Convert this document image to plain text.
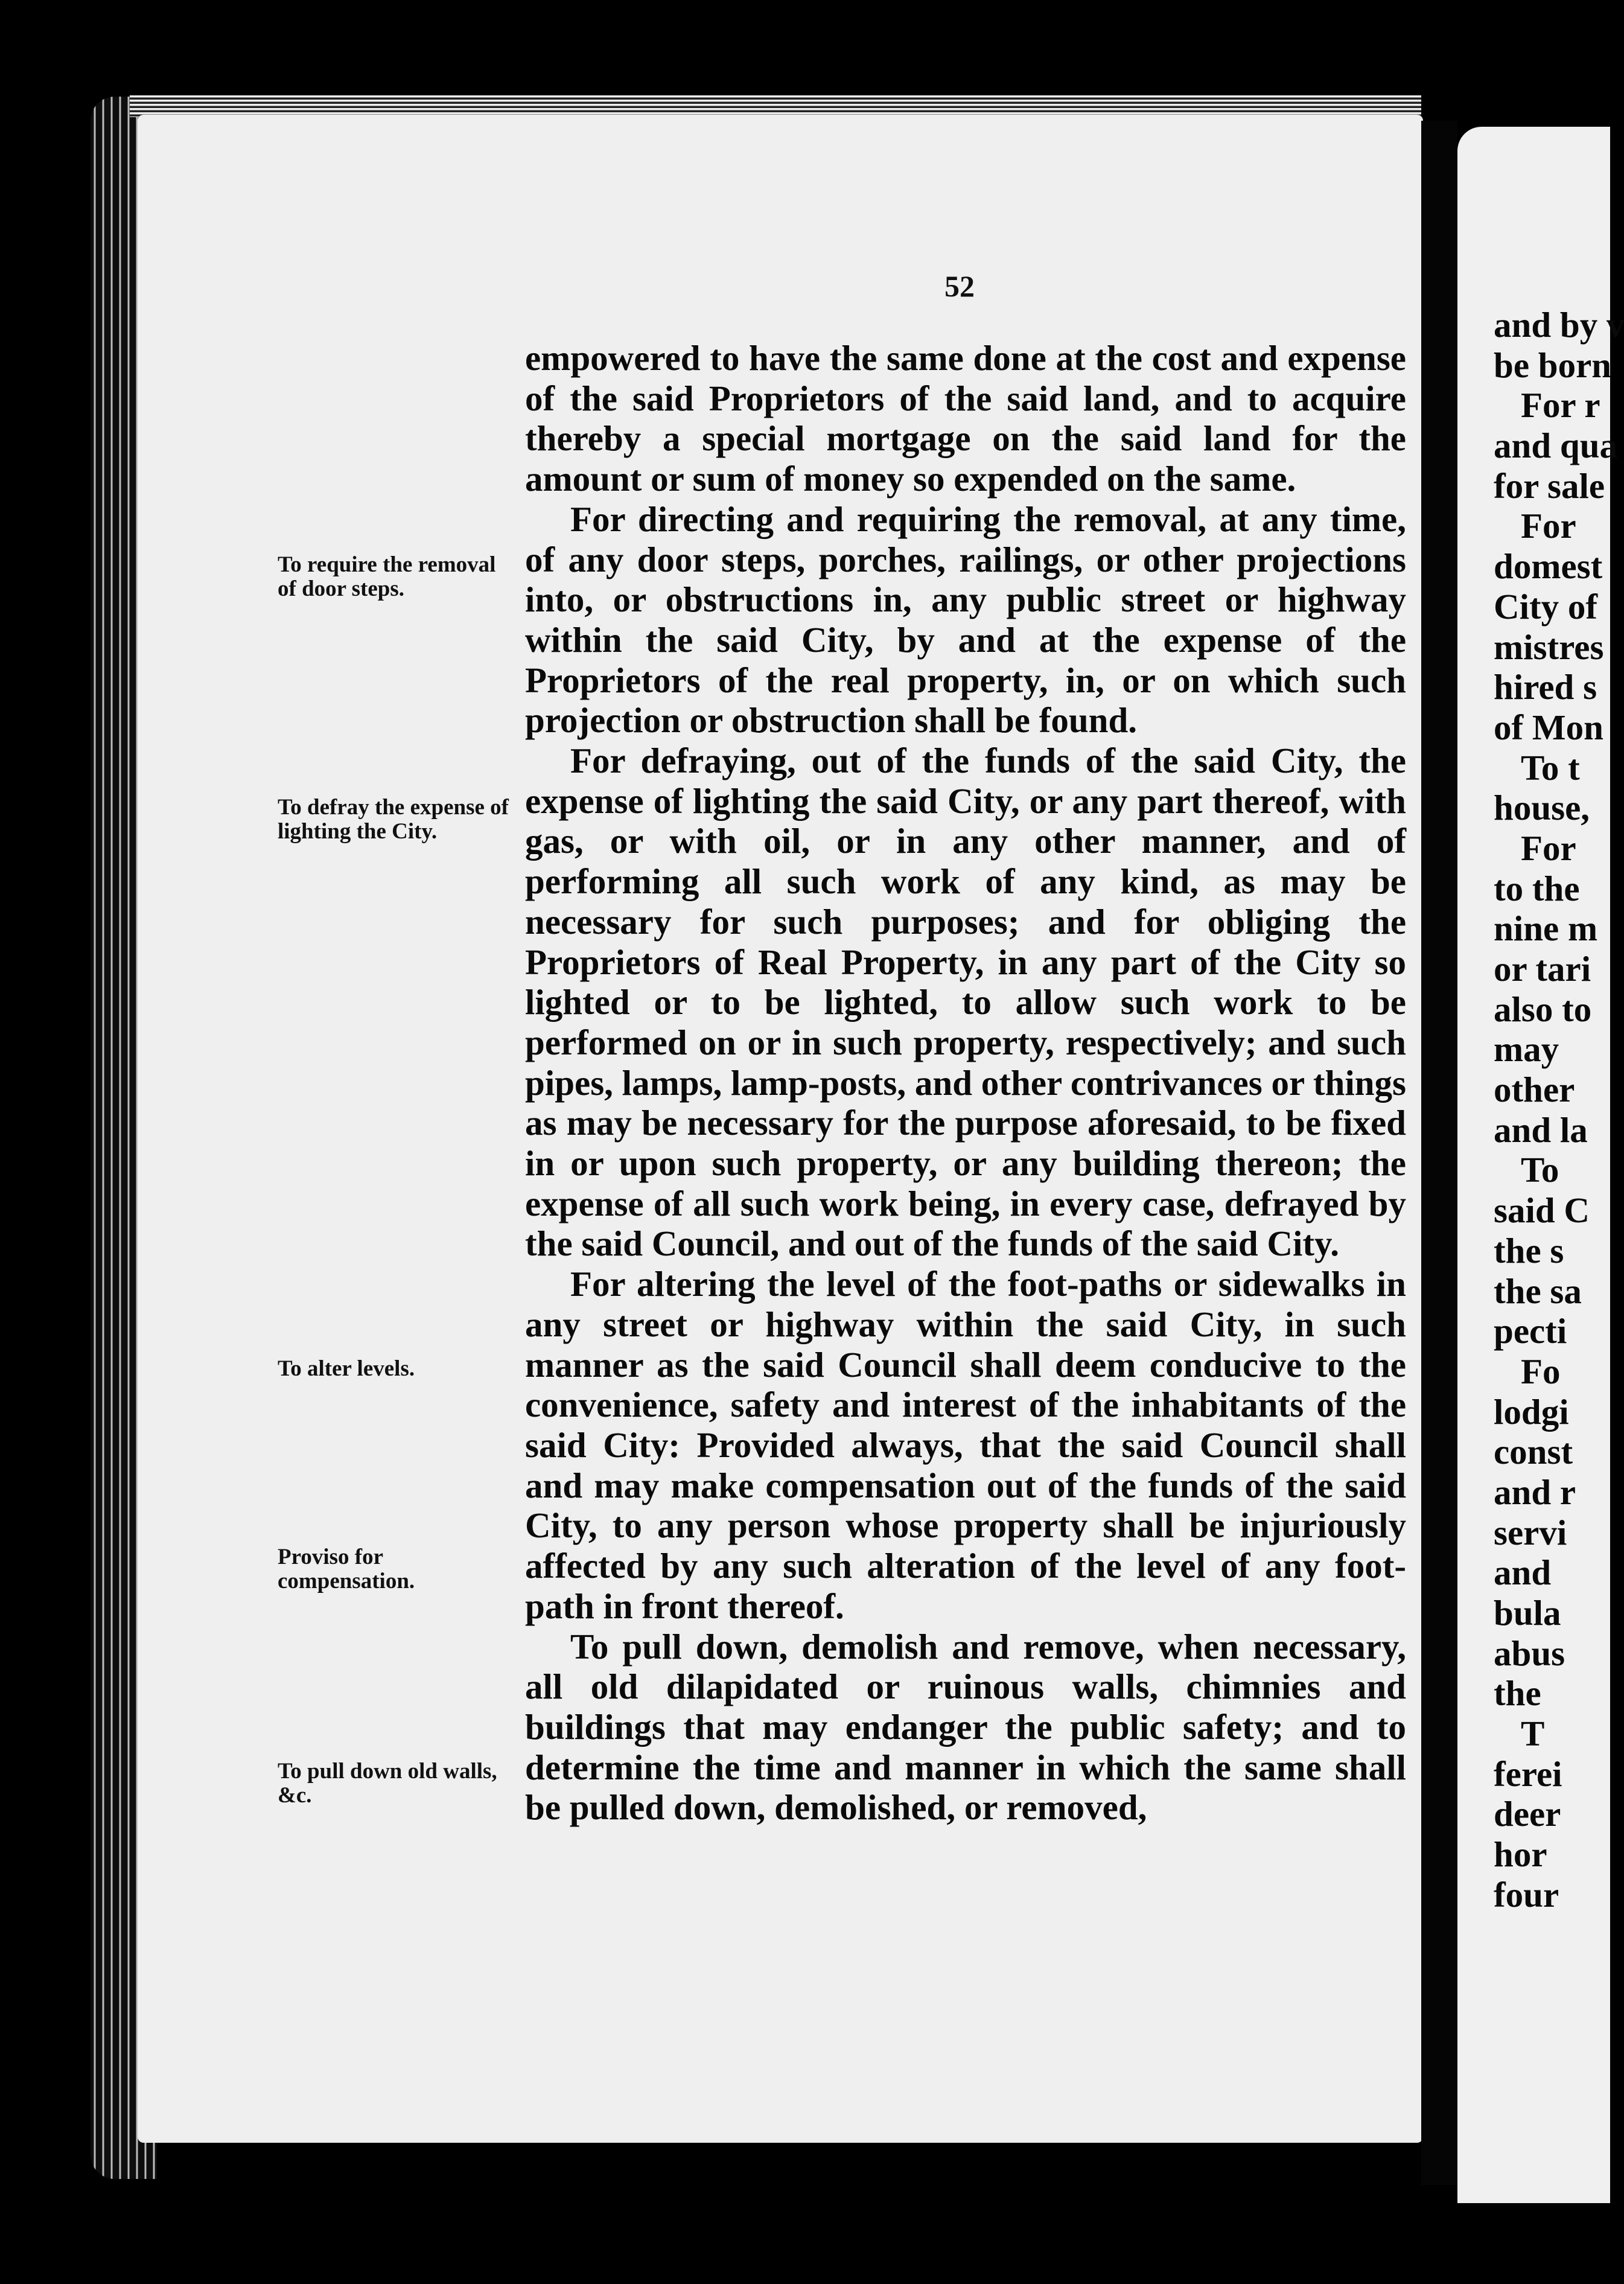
52
To require the removal of door steps.
To defray the expense of lighting the City.
To alter levels.
Proviso for compensation.
To pull down old walls, &c.

empowered to have the same done at the cost and expense of the said Proprietors of the said land, and to acquire thereby a special mortgage on the said land for the amount or sum of money so expended on the same.

For directing and requiring the removal, at any time, of any door steps, porches, railings, or other projections into, or obstructions in, any public street or highway within the said City, by and at the expense of the Proprietors of the real property, in, or on which such projection or obstruction shall be found.

For defraying, out of the funds of the said City, the expense of lighting the said City, or any part thereof, with gas, or with oil, or in any other manner, and of performing all such work of any kind, as may be necessary for such purposes; and for obliging the Proprietors of Real Property, in any part of the City so lighted or to be lighted, to allow such work to be performed on or in such property, respectively; and such pipes, lamps, lamp-posts, and other contrivances or things as may be necessary for the purpose aforesaid, to be fixed in or upon such property, or any building thereon; the expense of all such work being, in every case, defrayed by the said Council, and out of the funds of the said City.

For altering the level of the foot-paths or sidewalks in any street or highway within the said City, in such manner as the said Council shall deem conducive to the convenience, safety and interest of the inhabitants of the said City: Provided always, that the said Council shall and may make compensation out of the funds of the said City, to any person whose property shall be injuriously affected by any such alteration of the level of any foot-path in front thereof.

To pull down, demolish and remove, when necessary, all old dilapidated or ruinous walls, chimnies and buildings that may endanger the public safety; and to determine the time and manner in which the same shall be pulled down, demolished, or removed,

and by v
be born
For r
and qua
for sale
For
domest
City of
mistres
hired s
of Mon
To t
house,
For
to the
nine m
or tari
also to
may
other
and la
To
said C
the s
the sa
pecti
Fo
lodgi
const
and r
servi
and
bula
abus
the
T
ferei
deer
hor
four
